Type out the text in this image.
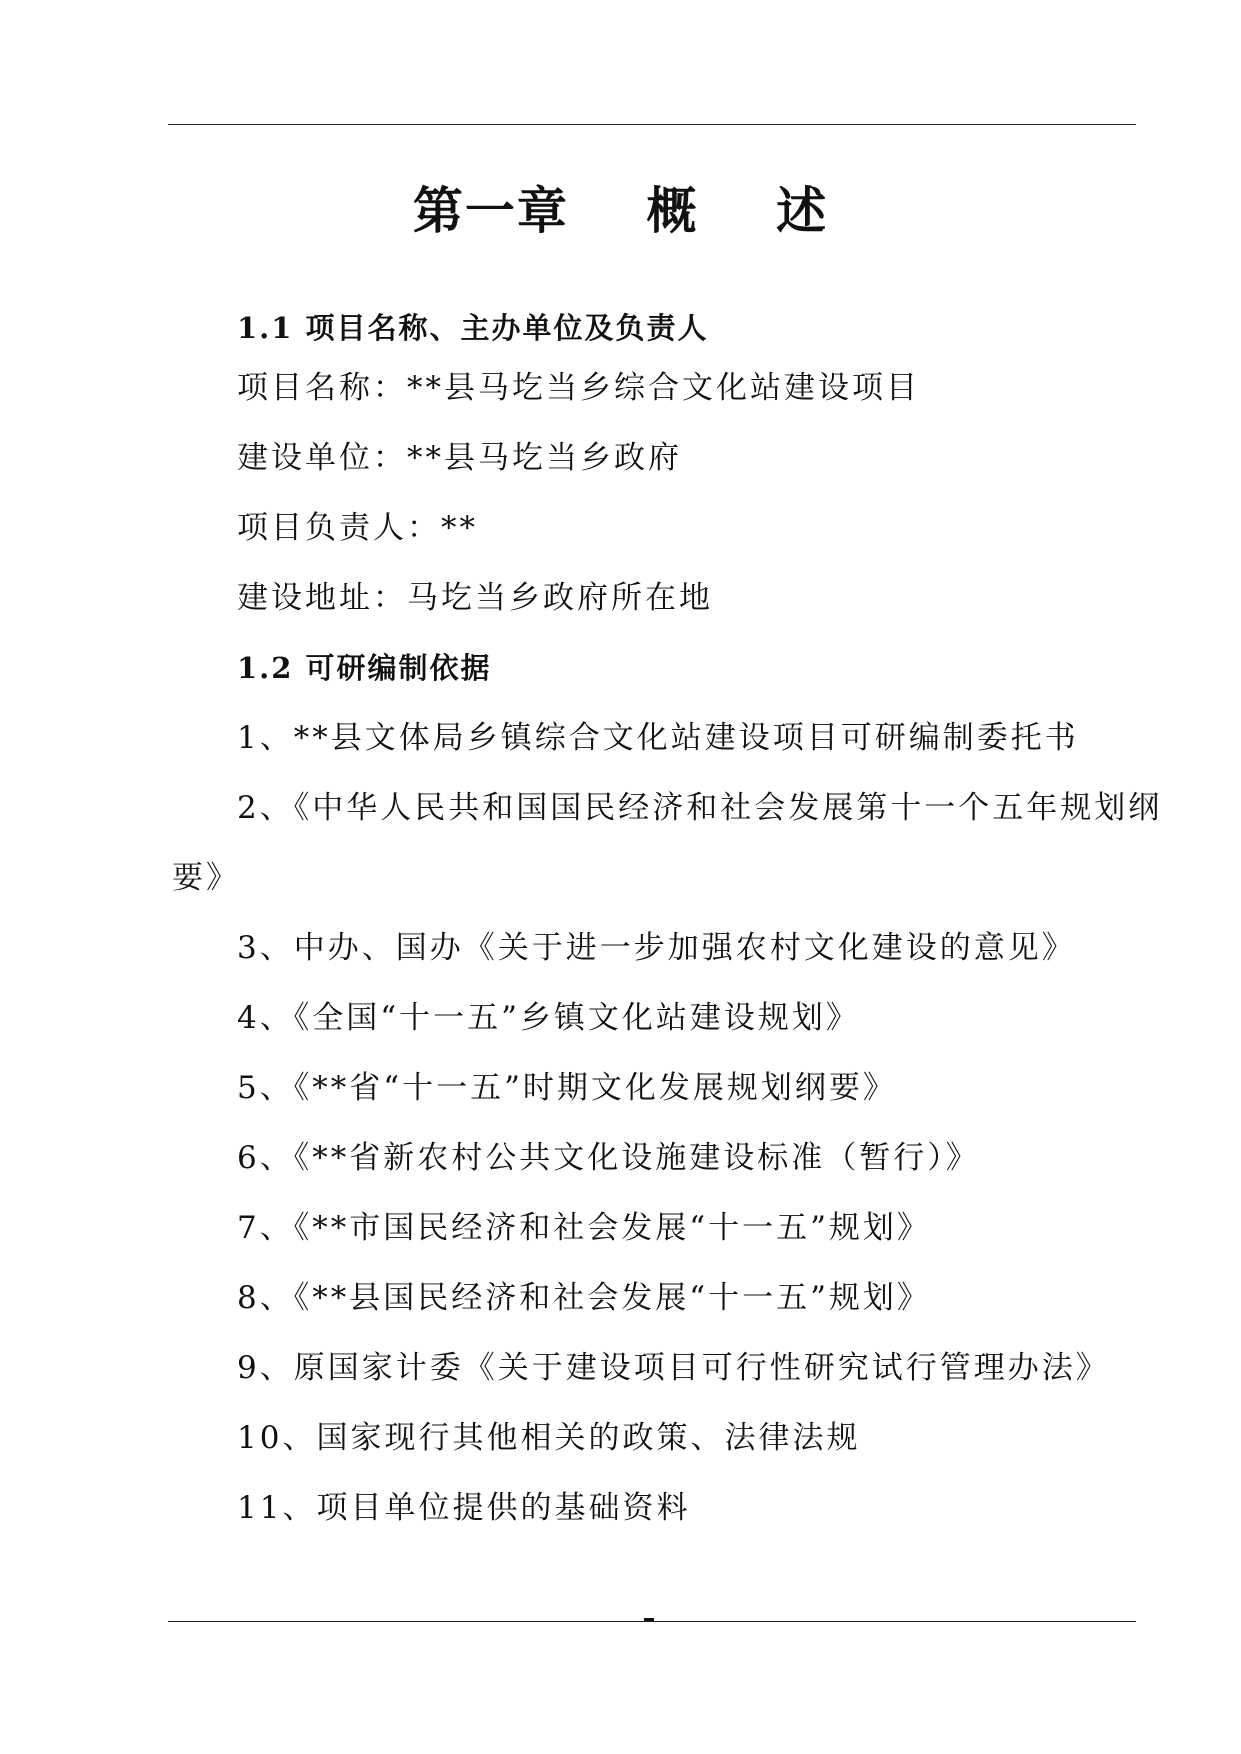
第一章    概    述
1.1 项目名称、主办单位及负责人
项目名称：**县马圪当乡综合文化站建设项目
建设单位：**县马圪当乡政府
项目负责人：**
建设地址：马圪当乡政府所在地
1.2 可研编制依据
1、**县文体局乡镇综合文化站建设项目可研编制委托书
2、《中华人民共和国国民经济和社会发展第十一个五年规划纲
要》
3、中办、国办《关于进一步加强农村文化建设的意见》
4、《全国“十一五”乡镇文化站建设规划》
5、《**省“十一五”时期文化发展规划纲要》
6、《**省新农村公共文化设施建设标准（暂行）》
7、《**市国民经济和社会发展“十一五”规划》
8、《**县国民经济和社会发展“十一五”规划》
9、原国家计委《关于建设项目可行性研究试行管理办法》
10、国家现行其他相关的政策、法律法规
11、项目单位提供的基础资料
